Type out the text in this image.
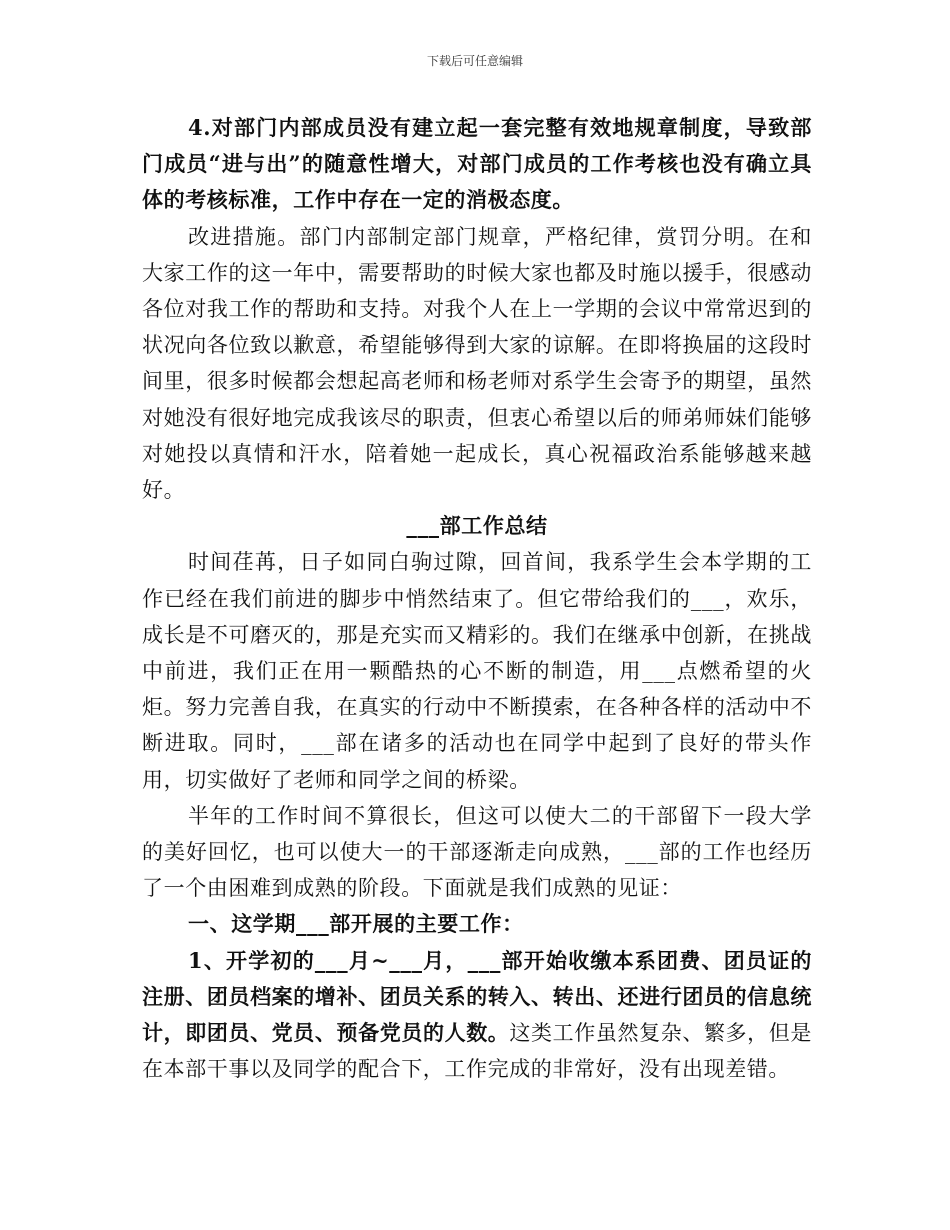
下载后可任意编辑

4.对部门内部成员没有建立起一套完整有效地规章制度，导致部门成员“进与出”的随意性增大，对部门成员的工作考核也没有确立具体的考核标准，工作中存在一定的消极态度。

改进措施。部门内部制定部门规章，严格纪律，赏罚分明。在和大家工作的这一年中，需要帮助的时候大家也都及时施以援手，很感动各位对我工作的帮助和支持。对我个人在上一学期的会议中常常迟到的状况向各位致以歉意，希望能够得到大家的谅解。在即将换届的这段时间里，很多时候都会想起高老师和杨老师对系学生会寄予的期望，虽然对她没有很好地完成我该尽的职责，但衷心希望以后的师弟师妹们能够对她投以真情和汗水，陪着她一起成长，真心祝福政治系能够越来越好。

___部工作总结

时间荏苒，日子如同白驹过隙，回首间，我系学生会本学期的工作已经在我们前进的脚步中悄然结束了。但它带给我们的___，欢乐，成长是不可磨灭的，那是充实而又精彩的。我们在继承中创新，在挑战中前进，我们正在用一颗酷热的心不断的制造，用___点燃希望的火炬。努力完善自我，在真实的行动中不断摸索，在各种各样的活动中不断进取。同时，___部在诸多的活动也在同学中起到了良好的带头作用，切实做好了老师和同学之间的桥梁。

半年的工作时间不算很长，但这可以使大二的干部留下一段大学的美好回忆，也可以使大一的干部逐渐走向成熟，___部的工作也经历了一个由困难到成熟的阶段。下面就是我们成熟的见证：

一、这学期___部开展的主要工作：

1、开学初的___月~___月，___部开始收缴本系团费、团员证的注册、团员档案的增补、团员关系的转入、转出、还进行团员的信息统计，即团员、党员、预备党员的人数。这类工作虽然复杂、繁多，但是在本部干事以及同学的配合下，工作完成的非常好，没有出现差错。
